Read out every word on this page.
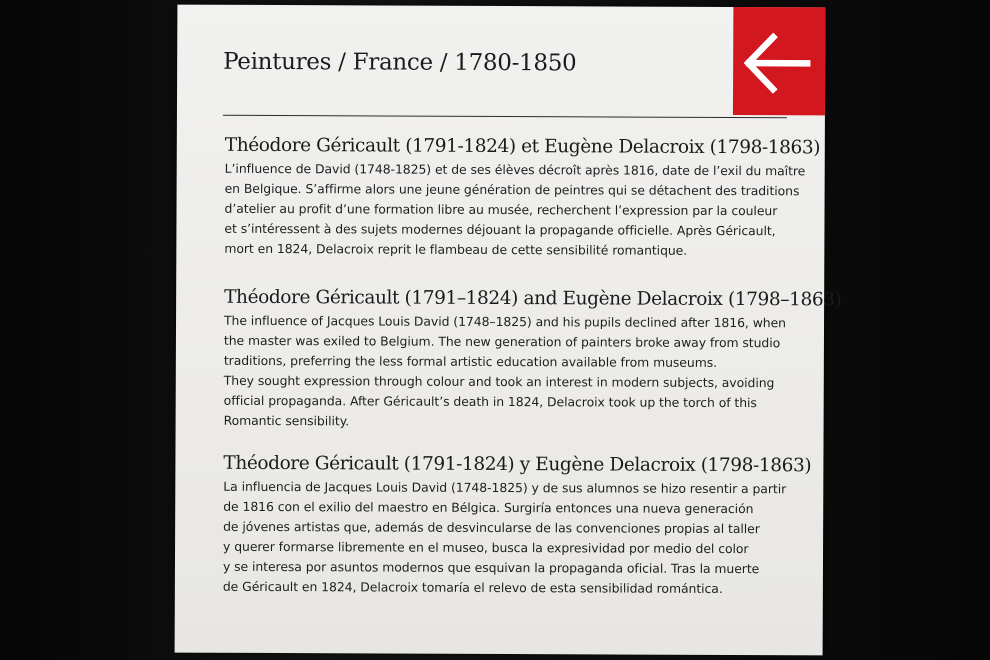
Peintures / France / 1780-1850
Théodore Géricault (1791-1824) et Eugène Delacroix (1798-1863)

L’influence de David (1748-1825) et de ses élèves décroît après 1816, date de l’exil du maître
en Belgique. S’affirme alors une jeune génération de peintres qui se détachent des traditions
d’atelier au profit d’une formation libre au musée, recherchent l’expression par la couleur
et s’intéressent à des sujets modernes déjouant la propagande officielle. Après Géricault,
mort en 1824, Delacroix reprit le flambeau de cette sensibilité romantique.

Théodore Géricault (1791–1824) and Eugène Delacroix (1798–1863)

The influence of Jacques Louis David (1748–1825) and his pupils declined after 1816, when
the master was exiled to Belgium. The new generation of painters broke away from studio
traditions, preferring the less formal artistic education available from museums.
They sought expression through colour and took an interest in modern subjects, avoiding
official propaganda. After Géricault’s death in 1824, Delacroix took up the torch of this
Romantic sensibility.

Théodore Géricault (1791-1824) y Eugène Delacroix (1798-1863)

La influencia de Jacques Louis David (1748-1825) y de sus alumnos se hizo resentir a partir
de 1816 con el exilio del maestro en Bélgica. Surgiría entonces una nueva generación
de jóvenes artistas que, además de desvincularse de las convenciones propias al taller
y querer formarse libremente en el museo, busca la expresividad por medio del color
y se interesa por asuntos modernos que esquivan la propaganda oficial. Tras la muerte
de Géricault en 1824, Delacroix tomaría el relevo de esta sensibilidad romántica.
